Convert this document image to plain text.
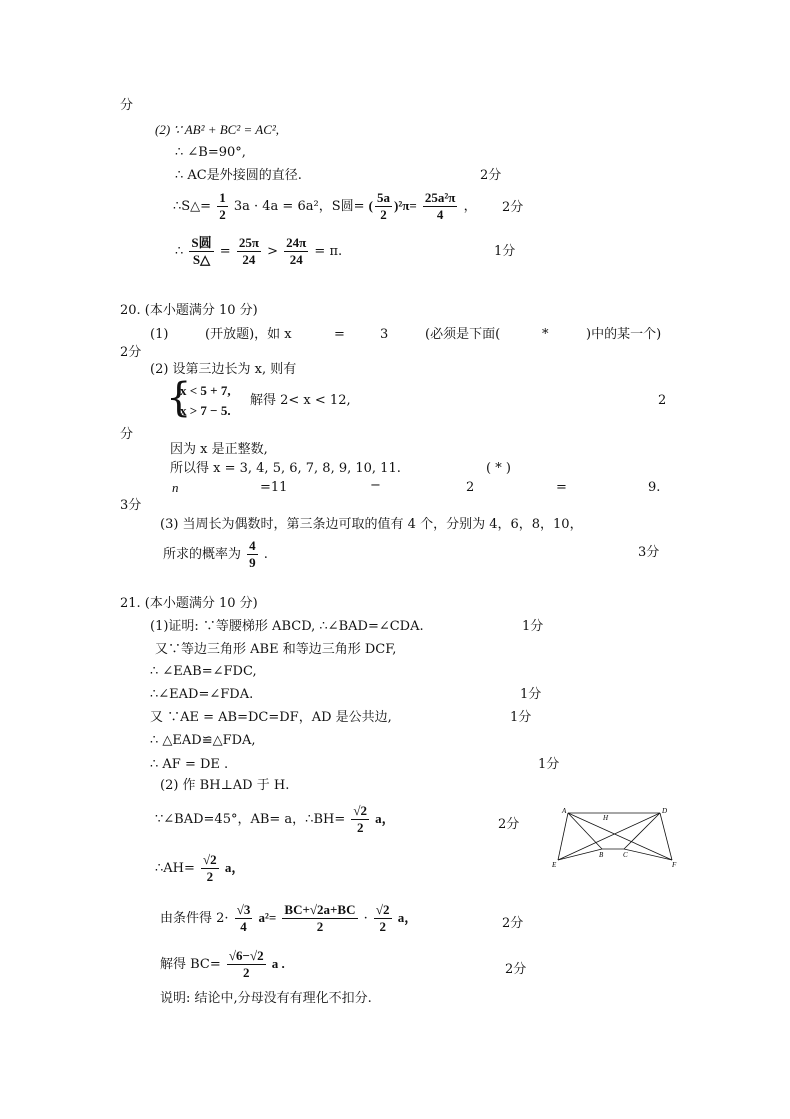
分
(2) ∵ AB² + BC² = AC²,
∴ ∠B=90°,
∴ AC是外接圆的直径.	2分
∴S△= $\frac{1}{2} 3a \cdot 4a = 6a^2$，S圆= ( $\frac{5a}{2} )^2\pi= \frac{\text{25a²π}}{4}$ ， 2分
∴ $\frac{\text{S圆}}{S\triangle} = \frac{25\pi}{24} > \frac{24\pi}{24} = \pi$.	1分
20. (本小题满分 10 分)
(1)	(开放题)，如 x	=	3	(必须是下面(	*	)中的某一个)
2分
(2) 设第三边长为 x, 则有
{
x < 5 + 7,
x > 7 − 5.
解得 2< x < 12,	2
分
因为 x 是正整数,
所以得 x = 3, 4, 5, 6, 7, 8, 9, 10, 11.	( * )
n	=11	−	2	=	9.
3分
(3) 当周长为偶数时，第三条边可取的值有 4 个，分别为 4，6，8，10，
所求的概率为 $\frac{4}{9}$ .	3分
21. (本小题满分 10 分)
(1)证明: ∵等腰梯形 ABCD, ∴∠BAD=∠CDA.	1分
又∵等边三角形 ABE 和等边三角形 DCF,
∴ ∠EAB=∠FDC,
∴∠EAD=∠FDA.	1分
又 ∵AE = AB=DC=DF，AD 是公共边,	1分
∴ △EAD≌△FDA,
∴ AF = DE .	1分
(2) 作 BH⊥AD 于 H.
∵∠BAD=45°，AB= a，∴BH= $\frac{√2}{2}$ a，	2分
∴AH= $\frac{√2}{2}$ a，
由条件得 $2\cdot \frac{√3}{4} a^2= \frac{BC+√2a+BC}{2} \cdot \frac{√2}{2}$ a，	2分
解得 $BC= \frac{√6-√2}{2}$ a .	2分
说明: 结论中,分母没有有理化不扣分.
A	D
H
B	C
E	F
